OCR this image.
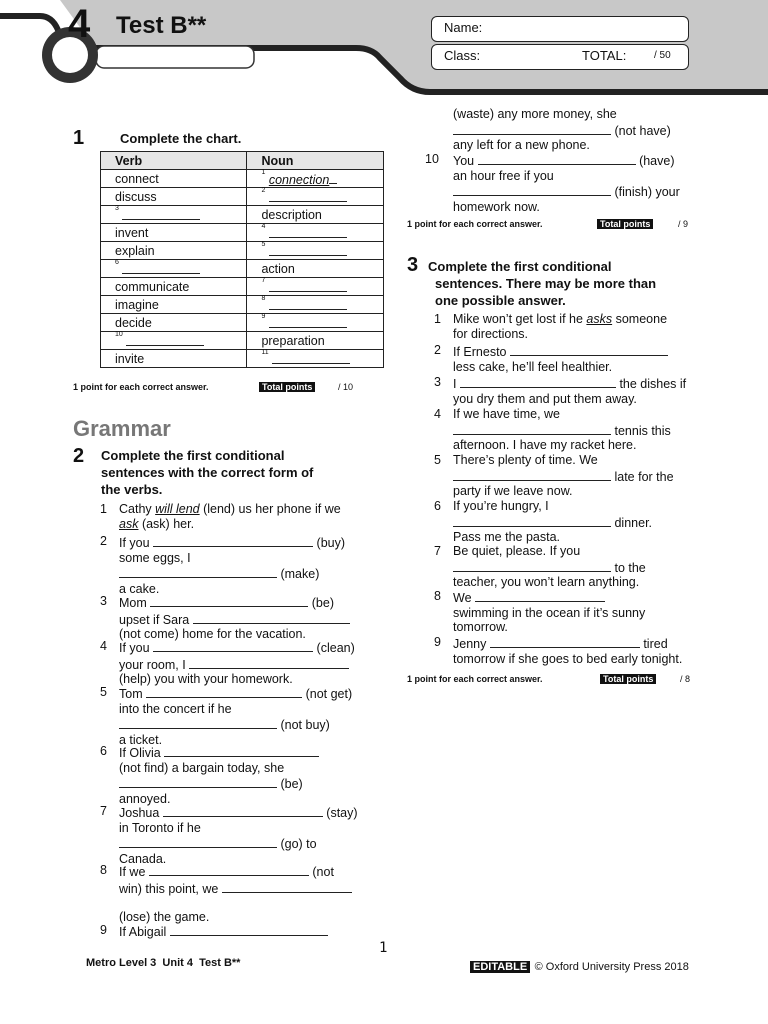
4 Test B**	Name:
Class:	TOTAL:	/ 50
1	Complete the chart.
Verb	Noun
connect	$^1$ connection
discuss	$^2$
$^3$	description
invent	$^4$
explain	$^5$
$^6$	action
communicate	$^7$
imagine	$^8$
decide	$^9$
$^{10}$	preparation
invite	$^{11}$
1 point for each correct answer.	Total points	/ 10
Grammar
2 Complete the first conditional
sentences with the correct form of
the verbs.
1 Cathy will lend (lend) us her phone if we
ask (ask) her.
2 If you	(buy)
some eggs, I
(make)
a cake.
3 Mom	(be)
upset if Sara
(not come) home for the vacation.
4 If you	(clean)
your room, I
(help) you with your homework.
5 Tom	(not get)
into the concert if he
(not buy)
a ticket.
6 If Olivia
(not find) a bargain today, she
(be)
annoyed.
7 Joshua	(stay)
in Toronto if he
(go) to
Canada.
8 If we	(not
win) this point, we

(lose) the game.
9 If Abigail
(waste) any more money, she
(not have)
any left for a new phone.
10 You	(have)
an hour free if you
(finish) your
homework now.
1 point for each correct answer.	Total points	/ 9
3 Complete the first conditional
sentences. There may be more than
one possible answer.
1 Mike won’t get lost if he asks someone
for directions.
2 If Ernesto
less cake, he’ll feel healthier.
3 I	the dishes if
you dry them and put them away.
4 If we have time, we
tennis this
afternoon. I have my racket here.
5 There’s plenty of time. We
late for the
party if we leave now.
6 If you’re hungry, I
dinner.
Pass me the pasta.
7 Be quiet, please. If you
to the
teacher, you won’t learn anything.
8 We
swimming in the ocean if it’s sunny
tomorrow.
9 Jenny	tired
tomorrow if she goes to bed early tonight.
1 point for each correct answer.	Total points	/ 8
1
Metro Level 3  Unit 4  Test B**	EDITABLE © Oxford University Press 2018
